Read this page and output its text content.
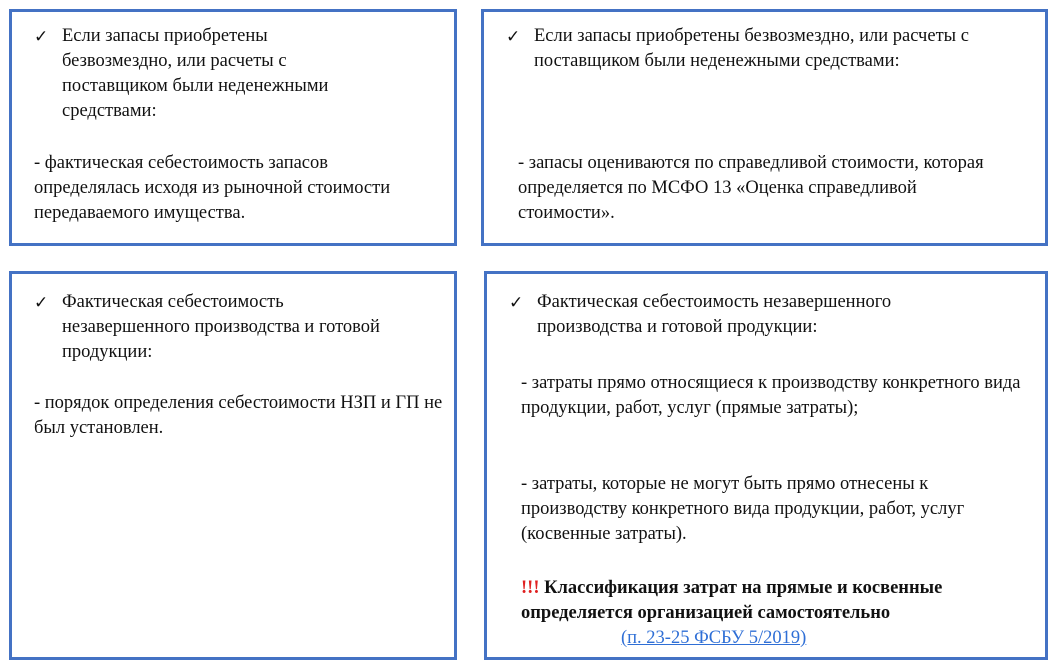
✓ Если запасы приобретены безвозмездно, или расчеты с поставщиком были неденежными средствами:
- фактическая себестоимость запасов определялась исходя из рыночной стоимости передаваемого имущества.
✓ Если запасы приобретены безвозмездно, или расчеты с поставщиком были неденежными средствами:
- запасы оцениваются по справедливой стоимости, которая определяется по МСФО 13 «Оценка справедливой стоимости».
✓ Фактическая себестоимость незавершенного производства и готовой продукции:
- порядок определения себестоимости НЗП и ГП не был установлен.
✓ Фактическая себестоимость незавершенного производства и готовой продукции:
- затраты прямо относящиеся к производству конкретного вида продукции, работ, услуг (прямые затраты);
- затраты, которые не могут быть прямо отнесены к производству конкретного вида продукции, работ, услуг (косвенные затраты).
!!! Классификация затрат на прямые и косвенные определяется организацией самостоятельно
(п. 23-25 ФСБУ 5/2019)
